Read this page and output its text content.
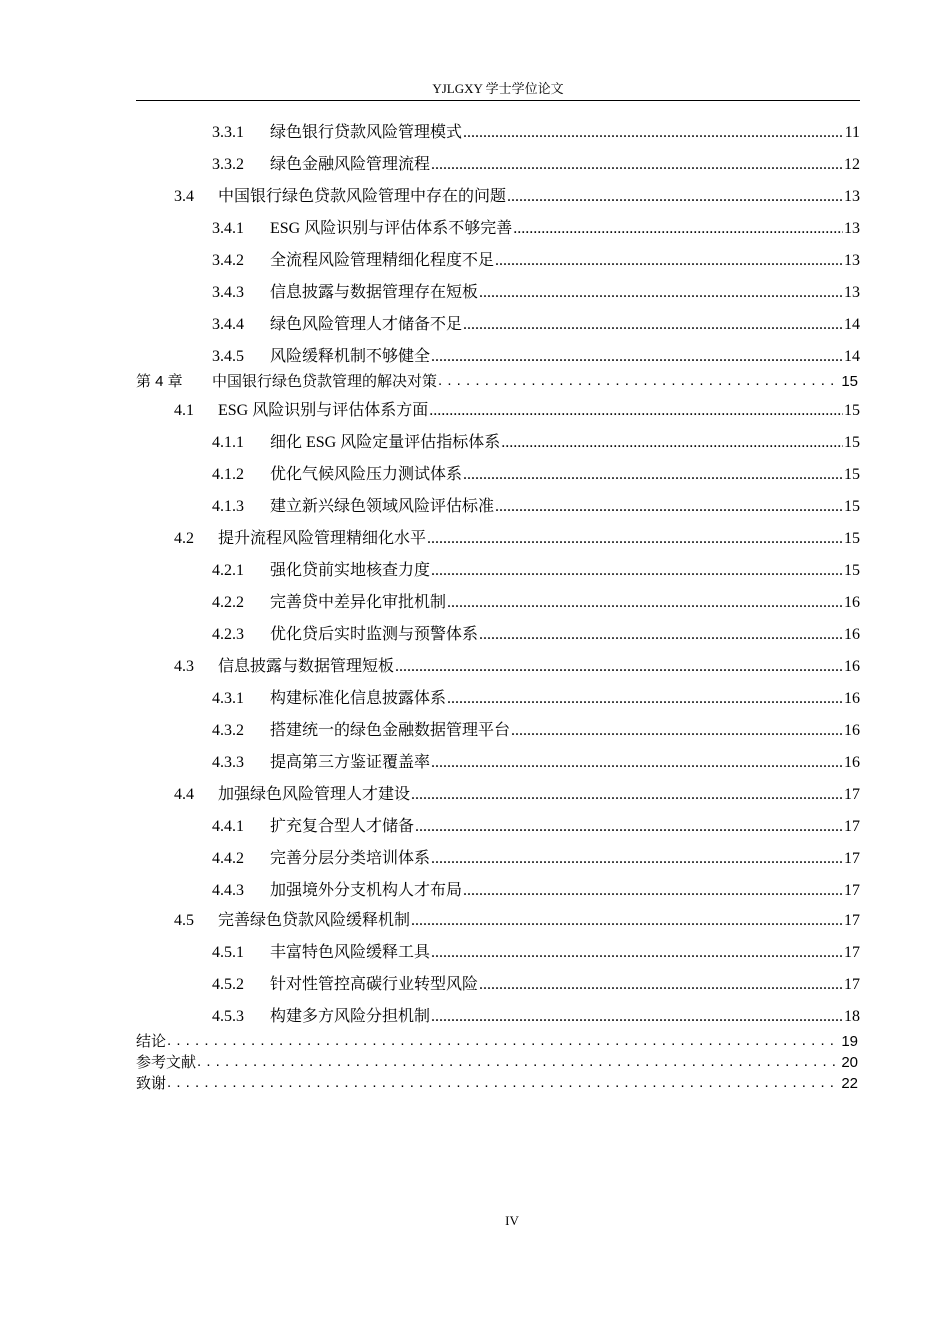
YJLGXY 学士学位论文
3.3.1	绿色银行贷款风险管理模式 .....	11
3.3.2	绿色金融风险管理流程 .....	12
3.4	中国银行绿色贷款风险管理中存在的问题 .....	13
3.4.1	ESG 风险识别与评估体系不够完善 .....	13
3.4.2	全流程风险管理精细化程度不足 .....	13
3.4.3	信息披露与数据管理存在短板 .....	13
3.4.4	绿色风险管理人才储备不足 .....	14
3.4.5	风险缓释机制不够健全 .....	14
第 4 章	中国银行绿色贷款管理的解决对策 . . .	15
4.1	ESG 风险识别与评估体系方面 .....	15
4.1.1	细化 ESG 风险定量评估指标体系 .....	15
4.1.2	优化气候风险压力测试体系 .....	15
4.1.3	建立新兴绿色领域风险评估标准 .....	15
4.2	提升流程风险管理精细化水平 .....	15
4.2.1	强化贷前实地核查力度 .....	15
4.2.2	完善贷中差异化审批机制 .....	16
4.2.3	优化贷后实时监测与预警体系 .....	16
4.3	信息披露与数据管理短板 .....	16
4.3.1	构建标准化信息披露体系 .....	16
4.3.2	搭建统一的绿色金融数据管理平台 .....	16
4.3.3	提高第三方鉴证覆盖率 .....	16
4.4	加强绿色风险管理人才建设 .....	17
4.4.1	扩充复合型人才储备 .....	17
4.4.2	完善分层分类培训体系 .....	17
4.4.3	加强境外分支机构人才布局 .....	17
4.5	完善绿色贷款风险缓释机制 .....	17
4.5.1	丰富特色风险缓释工具 .....	17
4.5.2	针对性管控高碳行业转型风险 .....	17
4.5.3	构建多方风险分担机制 .....	18
结论 . . .	19
参考文献 . . .	20
致谢 . . .	22
IV
